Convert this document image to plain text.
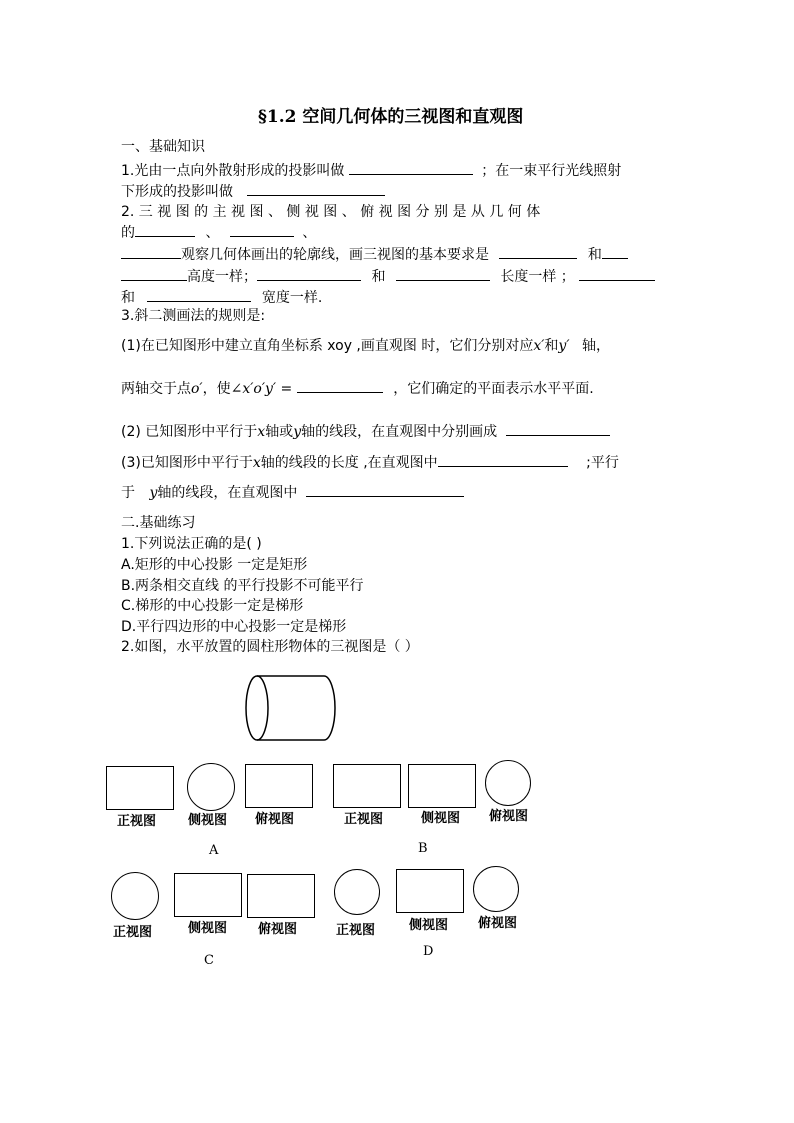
§1.2 空间几何体的三视图和直观图
一、基础知识
1.光由一点向外散射形成的投影叫做	；在一束平行光线照射
下形成的投影叫做
2. 三 视 图 的 主 视 图 、 侧 视 图 、 俯 视 图 分 别 是 从 几 何 体
的	、	、
观察几何体画出的轮廓线，画三视图的基本要求是	和
高度一样；	和	长度一样 ；
和	宽度一样.
3.斜二测画法的规则是:
(1)在已知图形中建立直角坐标系 xoy ,画直观图 时，它们分别对应x′和y′ 轴，
两轴交于点o′，使∠x′o′y′ =	，它们确定的平面表示水平平面.
(2) 已知图形中平行于x轴或y轴的线段，在直观图中分别画成
(3)已知图形中平行于x轴的线段的长度 ,在直观图中	;平行
于 y轴的线段，在直观图中
二.基础练习
1.下列说法正确的是( )
A.矩形的中心投影 一定是矩形
B.两条相交直线 的平行投影不可能平行
C.梯形的中心投影一定是梯形
D.平行四边形的中心投影一定是梯形
2.如图，水平放置的圆柱形物体的三视图是（ ）
正视图 侧视图 俯视图
A
正视图	侧视图 俯视图
B
正视图	侧视图 俯视图
C
正视图	侧视图 俯视图
D
